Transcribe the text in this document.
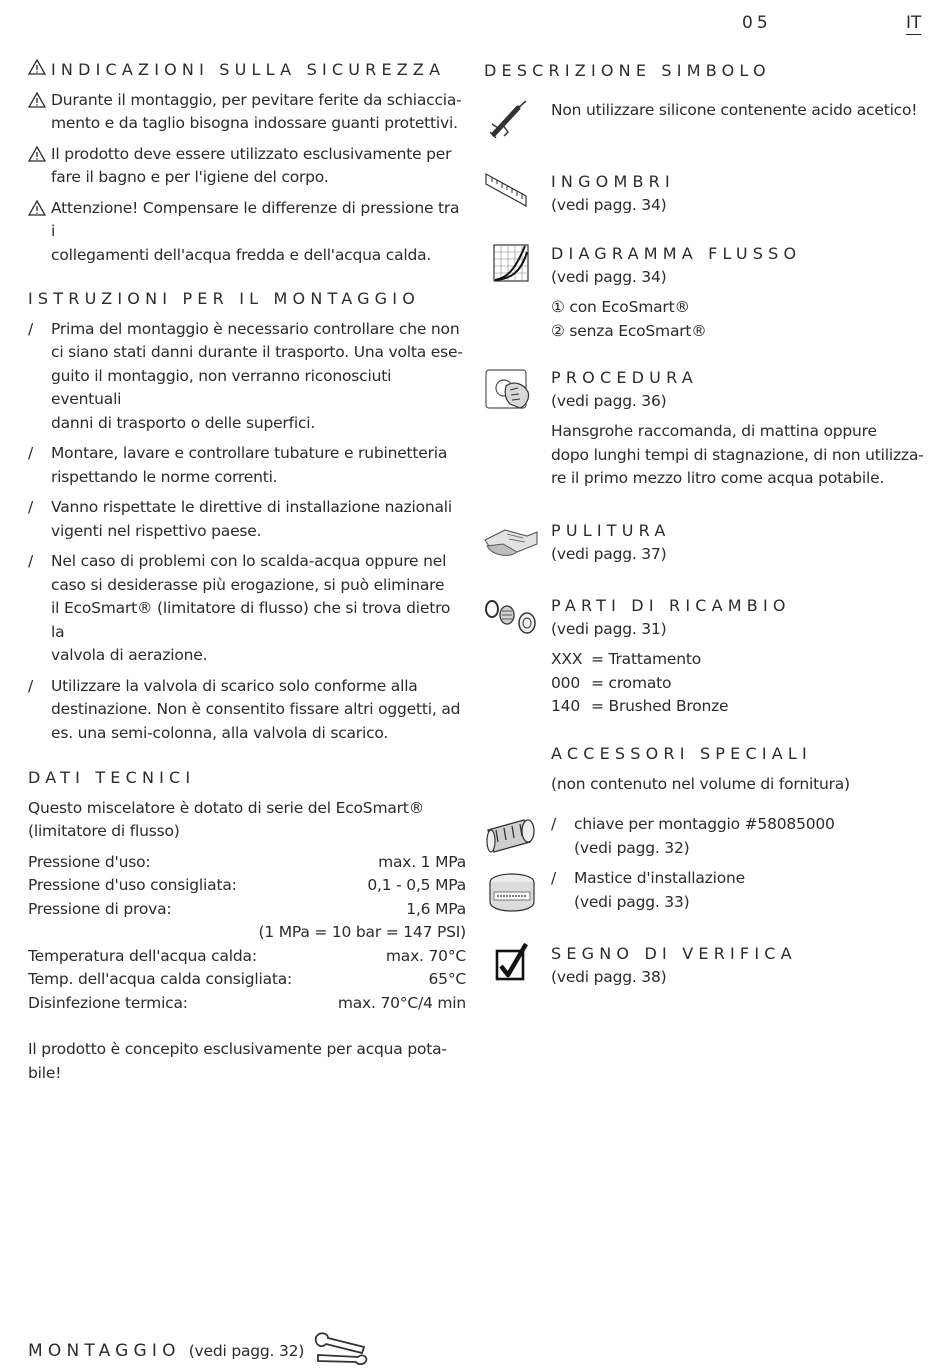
05	IT
INDICAZIONI SULLA SICUREZZA
Durante il montaggio, per pevitare ferite da schiaccia-
mento e da taglio bisogna indossare guanti protettivi.
Il prodotto deve essere utilizzato esclusivamente per
fare il bagno e per l'igiene del corpo.
Attenzione! Compensare le differenze di pressione tra i
collegamenti dell'acqua fredda e dell'acqua calda.
ISTRUZIONI PER IL MONTAGGIO
/	Prima del montaggio è necessario controllare che non
ci siano stati danni durante il trasporto. Una volta ese-
guito il montaggio, non verranno riconosciuti eventuali
danni di trasporto o delle superfici.
/	Montare, lavare e controllare tubature e rubinetteria
rispettando le norme correnti.
/	Vanno rispettate le direttive di installazione nazionali
vigenti nel rispettivo paese.
/	Nel caso di problemi con lo scalda-acqua oppure nel
caso si desiderasse più erogazione, si può eliminare
il EcoSmart® (limitatore di flusso) che si trova dietro la
valvola di aerazione.
/	Utilizzare la valvola di scarico solo conforme alla
destinazione. Non è consentito fissare altri oggetti, ad
es. una semi-colonna, alla valvola di scarico.
DATI TECNICI
Questo miscelatore è dotato di serie del EcoSmart®
(limitatore di flusso)
Pressione d'uso:	max. 1 MPa
Pressione d'uso consigliata:	0,1 - 0,5 MPa
Pressione di prova:	1,6 MPa
(1 MPa = 10 bar = 147 PSI)
Temperatura dell'acqua calda:	max. 70°C
Temp. dell'acqua calda consigliata:	65°C
Disinfezione termica:	max. 70°C/4 min
Il prodotto è concepito esclusivamente per acqua pota-
bile!
DESCRIZIONE SIMBOLO
Non utilizzare silicone contenente acido acetico!
INGOMBRI
(vedi pagg. 34)
DIAGRAMMA FLUSSO
(vedi pagg. 34)
① con EcoSmart®
② senza EcoSmart®
PROCEDURA
(vedi pagg. 36)
Hansgrohe raccomanda, di mattina oppure
dopo lunghi tempi di stagnazione, di non utilizza-
re il primo mezzo litro come acqua potabile.
PULITURA
(vedi pagg. 37)
PARTI DI RICAMBIO
(vedi pagg. 31)
XXX = Trattamento
000 = cromato
140 = Brushed Bronze
ACCESSORI SPECIALI
(non contenuto nel volume di fornitura)
/	chiave per montaggio #58085000
(vedi pagg. 32)
/	Mastice d'installazione
(vedi pagg. 33)
SEGNO DI VERIFICA
(vedi pagg. 38)
MONTAGGIO (vedi pagg. 32)
